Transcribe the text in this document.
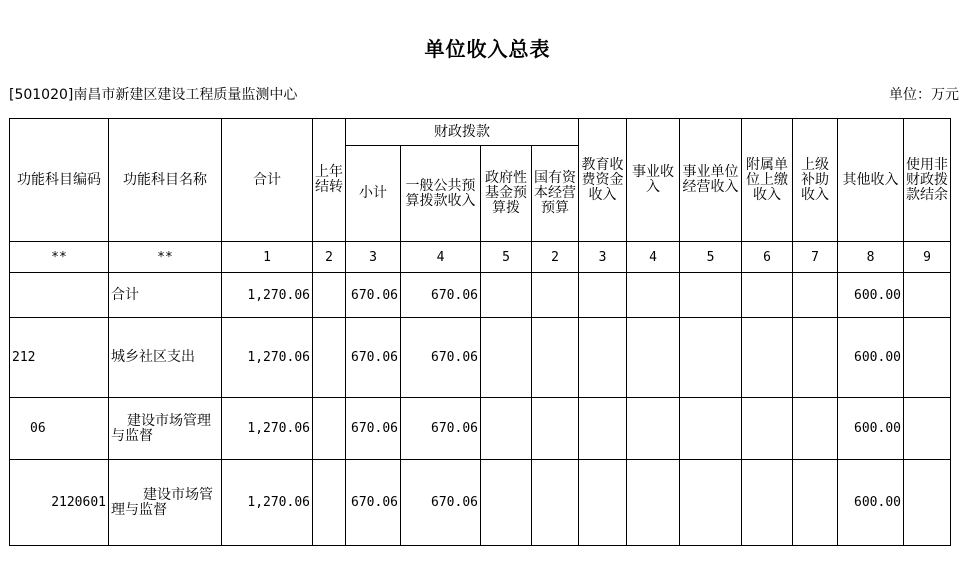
单位收入总表
[501020]南昌市新建区建设工程质量监测中心	单位：万元
功能科目编码	功能科目名称	合计	上年结转	财政拨款				教育收费资金收入	事业收入	事业单位经营收入	附属单位上缴收入	上级补助收入	其他收入	使用非财政拨款结余
				小计	一般公共预算拨款收入	政府性基金预算拨	国有资本经营预算							
**	**	1	2	3	4	5	2	3	4	5	6	7	8	9
	合计	1,270.06		670.06	670.06								600.00	
212	城乡社区支出	1,270.06		670.06	670.06								600.00	
06	建设市场管理与监督	1,270.06		670.06	670.06								600.00	
2120601	建设市场管理与监督	1,270.06		670.06	670.06								600.00	
